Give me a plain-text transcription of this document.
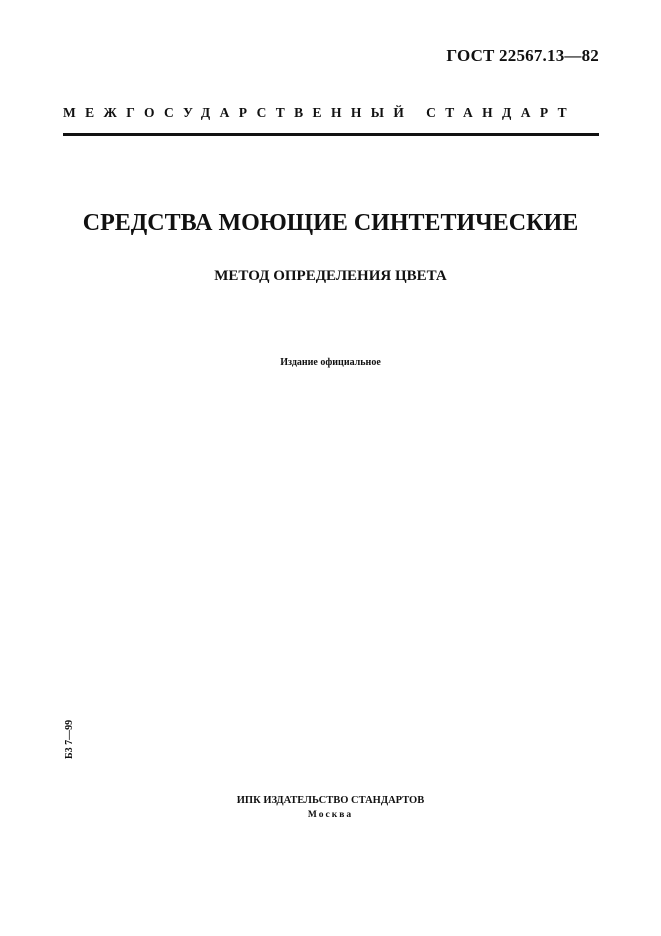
ГОСТ 22567.13—82
МЕЖГОСУДАРСТВЕННЫЙ СТАНДАРТ
СРЕДСТВА МОЮЩИЕ СИНТЕТИЧЕСКИЕ
МЕТОД ОПРЕДЕЛЕНИЯ ЦВЕТА
Издание официальное
Б3 7—99
ИПК ИЗДАТЕЛЬСТВО СТАНДАРТОВ
Москва
